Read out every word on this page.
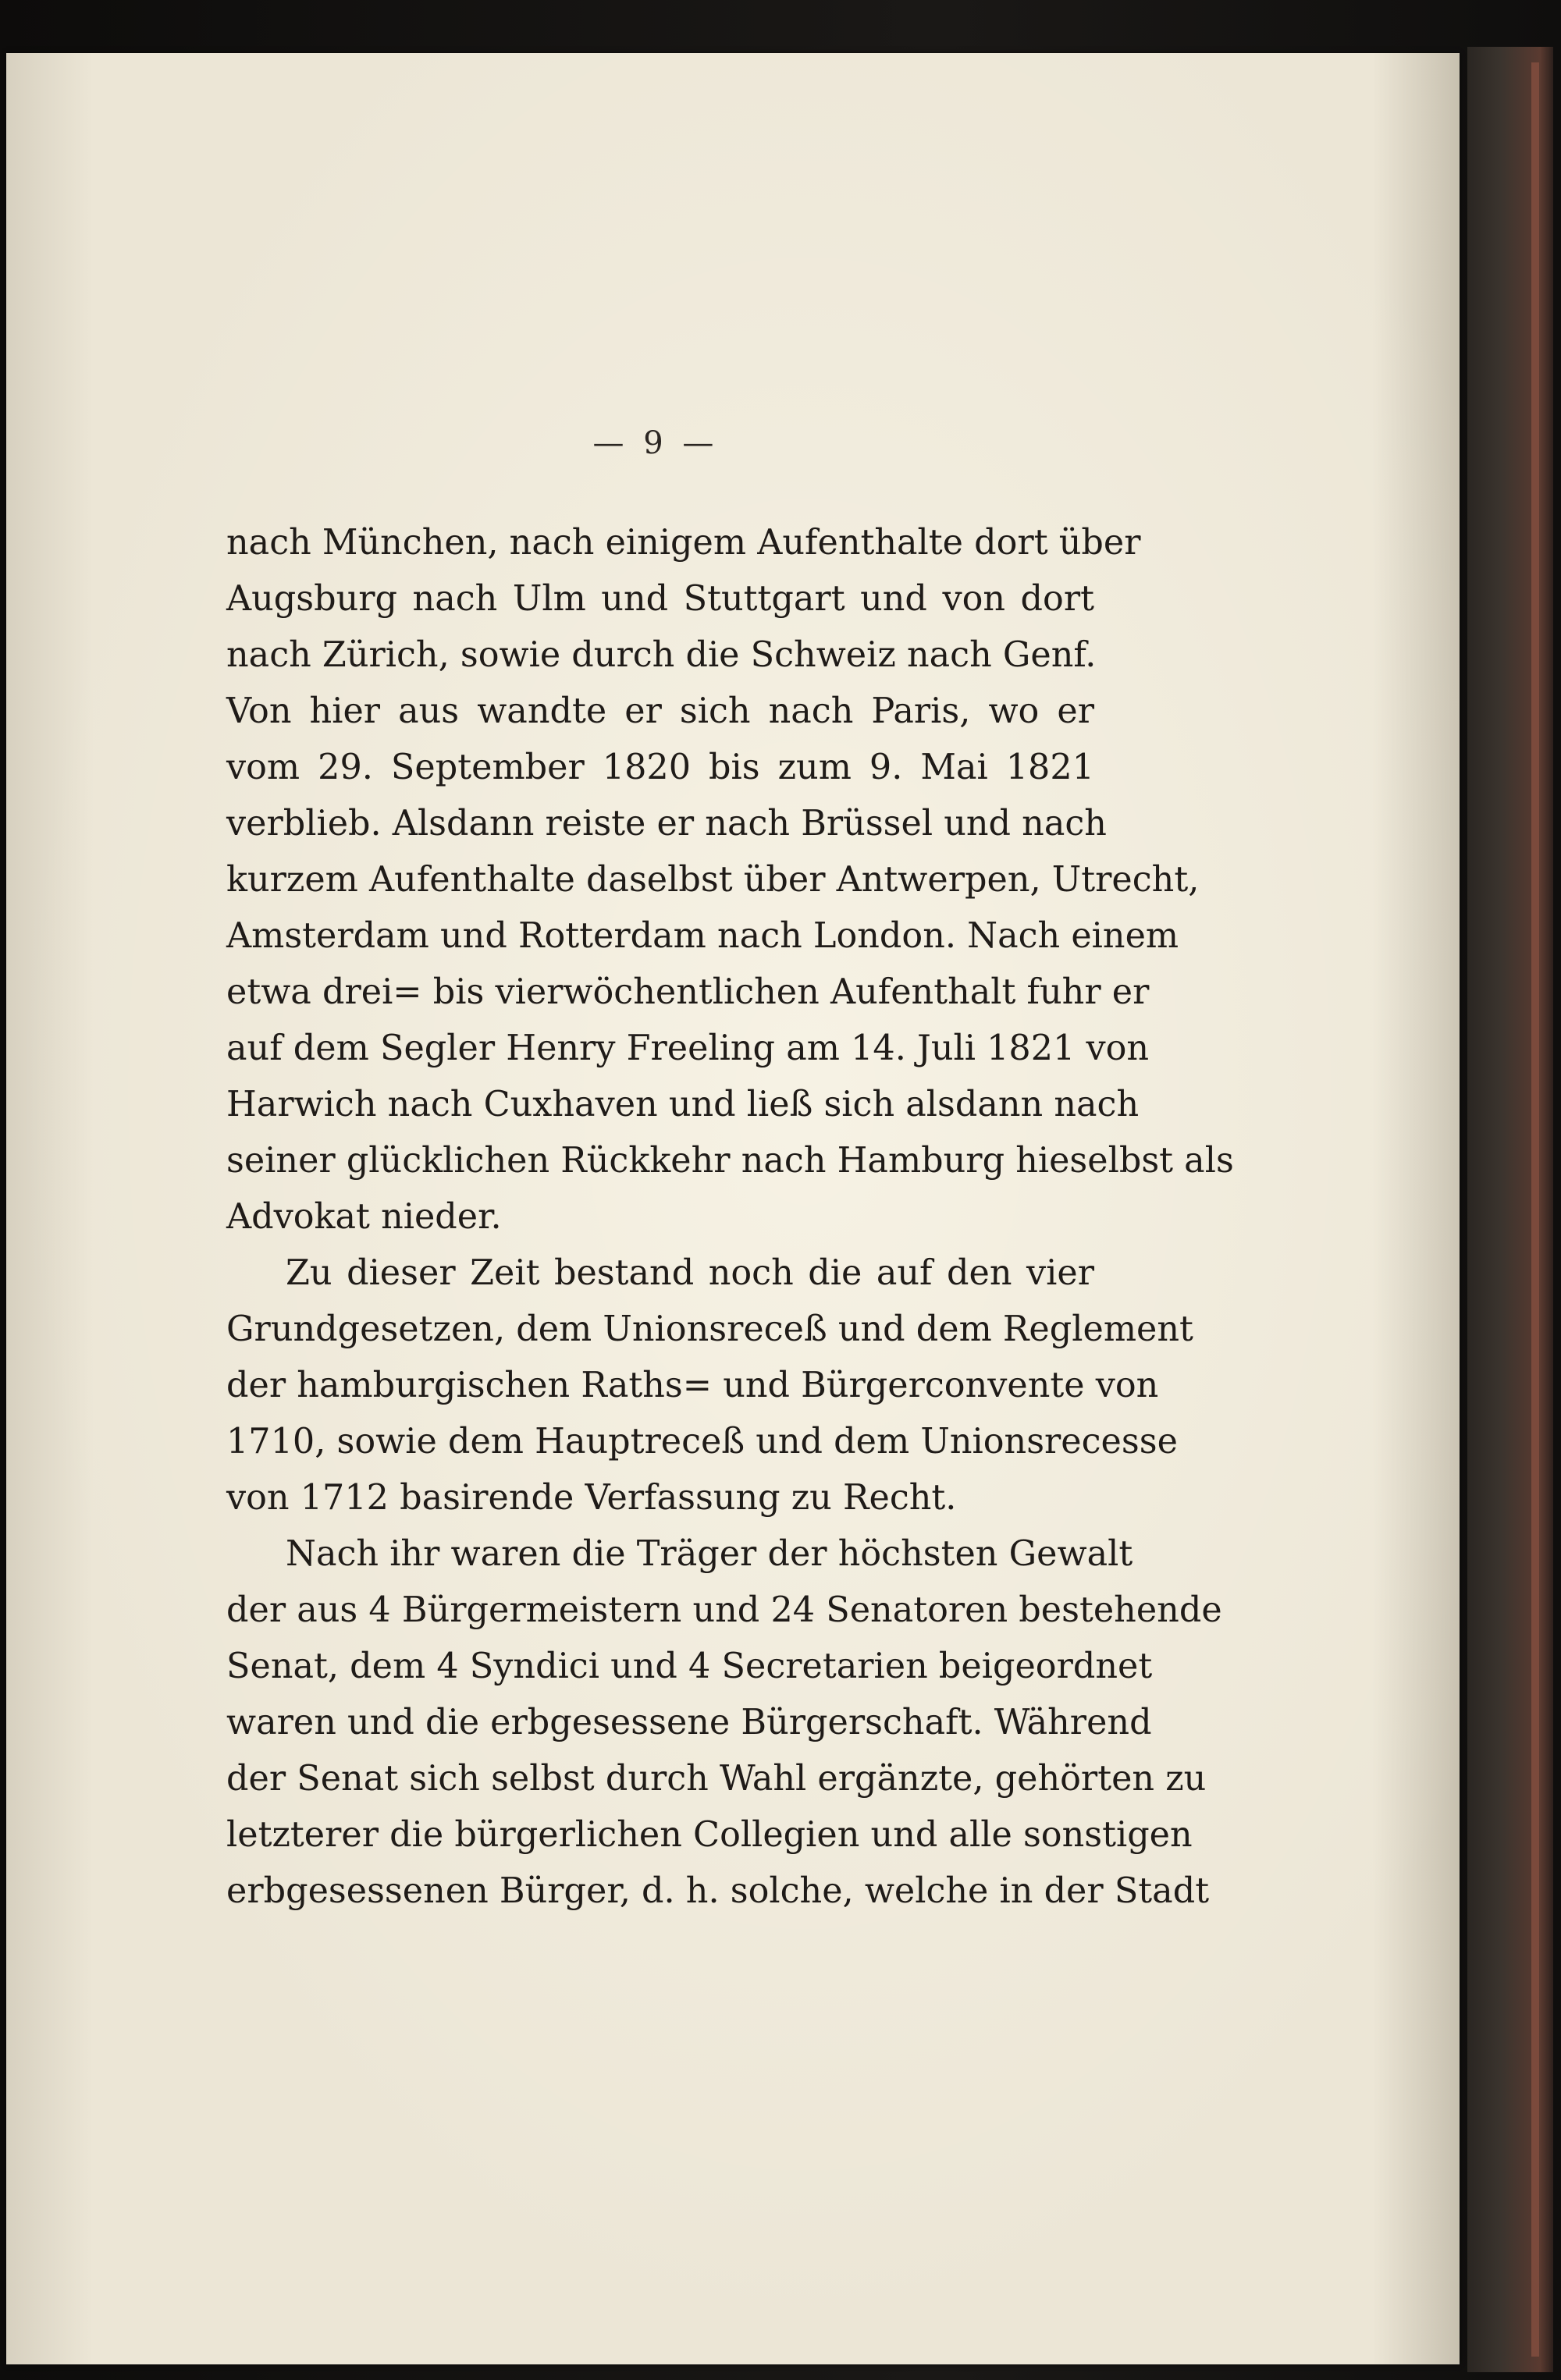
— 9 —
nach München, nach einigem Aufenthalte dort über
Augsburg nach Ulm und Stuttgart und von dort
nach Zürich, sowie durch die Schweiz nach Genf.
Von hier aus wandte er sich nach Paris, wo er
vom 29. September 1820 bis zum 9. Mai 1821
verblieb. Alsdann reiste er nach Brüssel und nach
kurzem Aufenthalte daselbst über Antwerpen, Utrecht,
Amsterdam und Rotterdam nach London. Nach einem
etwa drei= bis vierwöchentlichen Aufenthalt fuhr er
auf dem Segler Henry Freeling am 14. Juli 1821 von
Harwich nach Cuxhaven und ließ sich alsdann nach
seiner glücklichen Rückkehr nach Hamburg hieselbst als
Advokat nieder.
Zu dieser Zeit bestand noch die auf den vier
Grundgesetzen, dem Unionsreceß und dem Reglement
der hamburgischen Raths= und Bürgerconvente von
1710, sowie dem Hauptreceß und dem Unionsrecesse
von 1712 basirende Verfassung zu Recht.
Nach ihr waren die Träger der höchsten Gewalt
der aus 4 Bürgermeistern und 24 Senatoren bestehende
Senat, dem 4 Syndici und 4 Secretarien beigeordnet
waren und die erbgesessene Bürgerschaft. Während
der Senat sich selbst durch Wahl ergänzte, gehörten zu
letzterer die bürgerlichen Collegien und alle sonstigen
erbgesessenen Bürger, d. h. solche, welche in der Stadt
